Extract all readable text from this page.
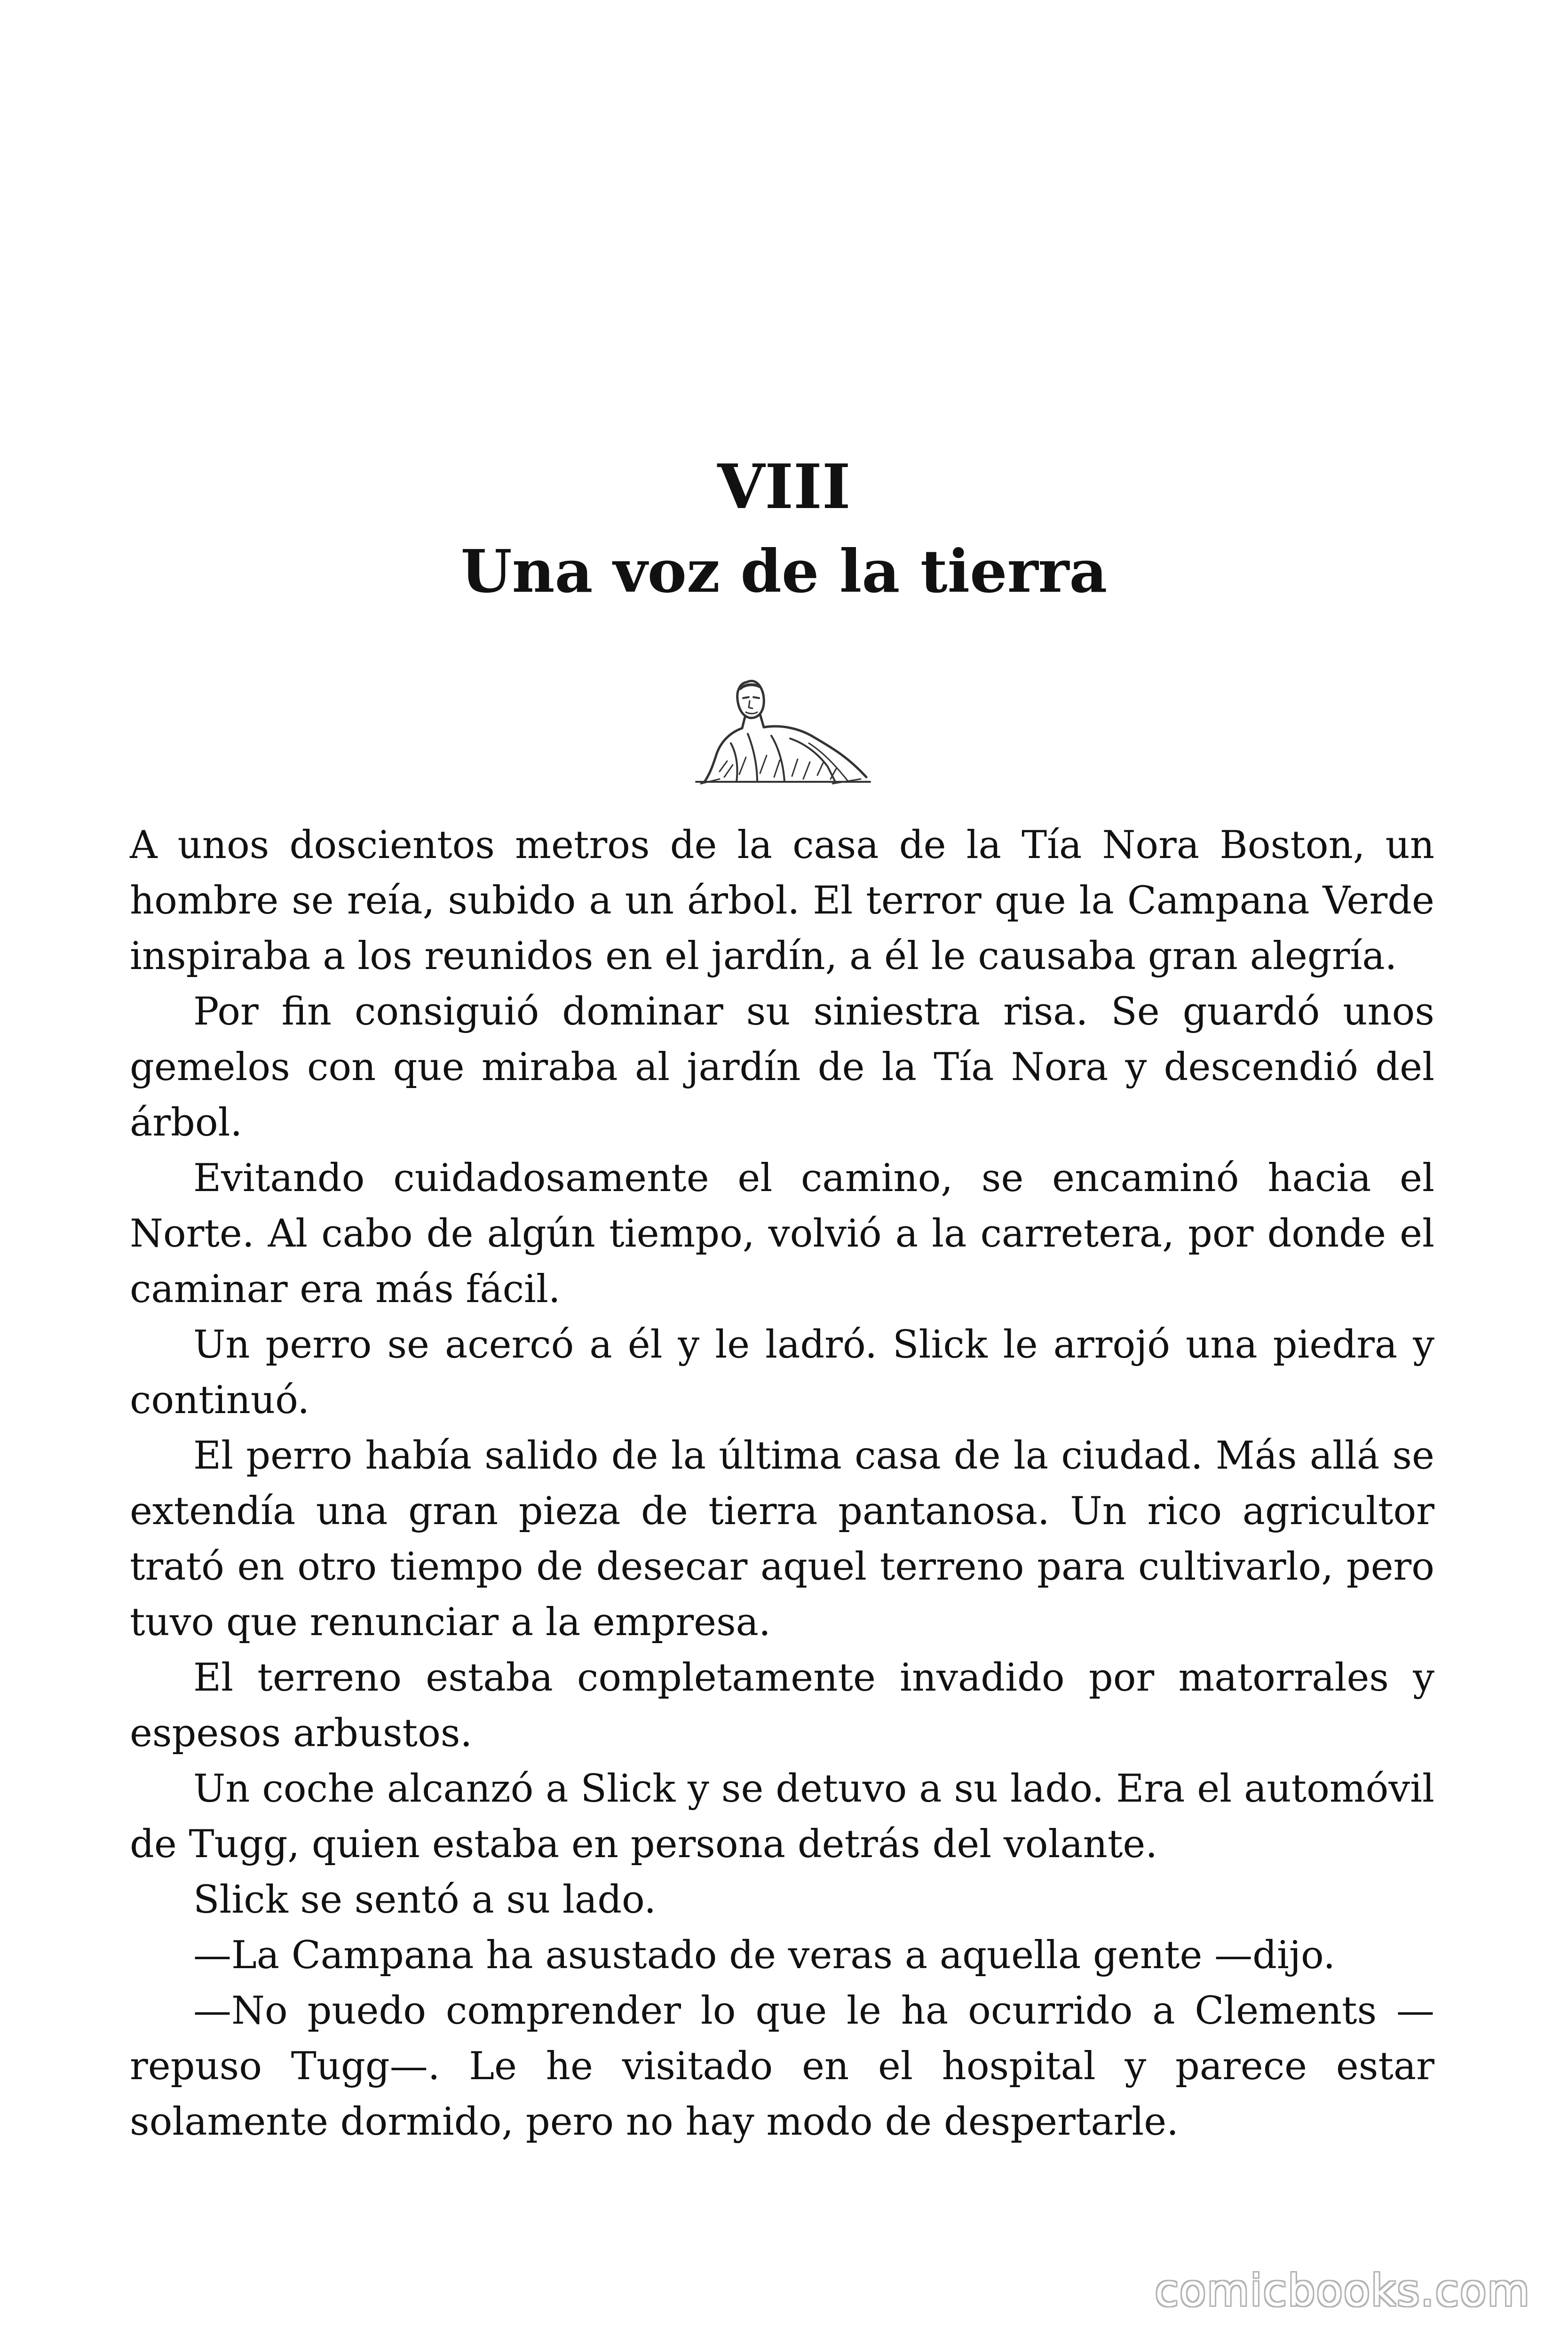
VIII
Una voz de la tierra

A unos doscientos metros de la casa de la Tía Nora Boston, un hombre se reía, subido a un árbol. El terror que la Campana Verde inspiraba a los reunidos en el jardín, a él le causaba gran alegría.

Por fin consiguió dominar su siniestra risa. Se guardó unos gemelos con que miraba al jardín de la Tía Nora y descendió del árbol.

Evitando cuidadosamente el camino, se encaminó hacia el Norte. Al cabo de algún tiempo, volvió a la carretera, por donde el caminar era más fácil.

Un perro se acercó a él y le ladró. Slick le arrojó una piedra y continuó.

El perro había salido de la última casa de la ciudad. Más allá se extendía una gran pieza de tierra pantanosa. Un rico agricultor trató en otro tiempo de desecar aquel terreno para cultivarlo, pero tuvo que renunciar a la empresa.

El terreno estaba completamente invadido por matorrales y espesos arbustos.

Un coche alcanzó a Slick y se detuvo a su lado. Era el automóvil de Tugg, quien estaba en persona detrás del volante.

Slick se sentó a su lado.

—La Campana ha asustado de veras a aquella gente —dijo.

—No puedo comprender lo que le ha ocurrido a Clements —repuso Tugg—. Le he visitado en el hospital y parece estar solamente dormido, pero no hay modo de despertarle.

comicbooks.com
